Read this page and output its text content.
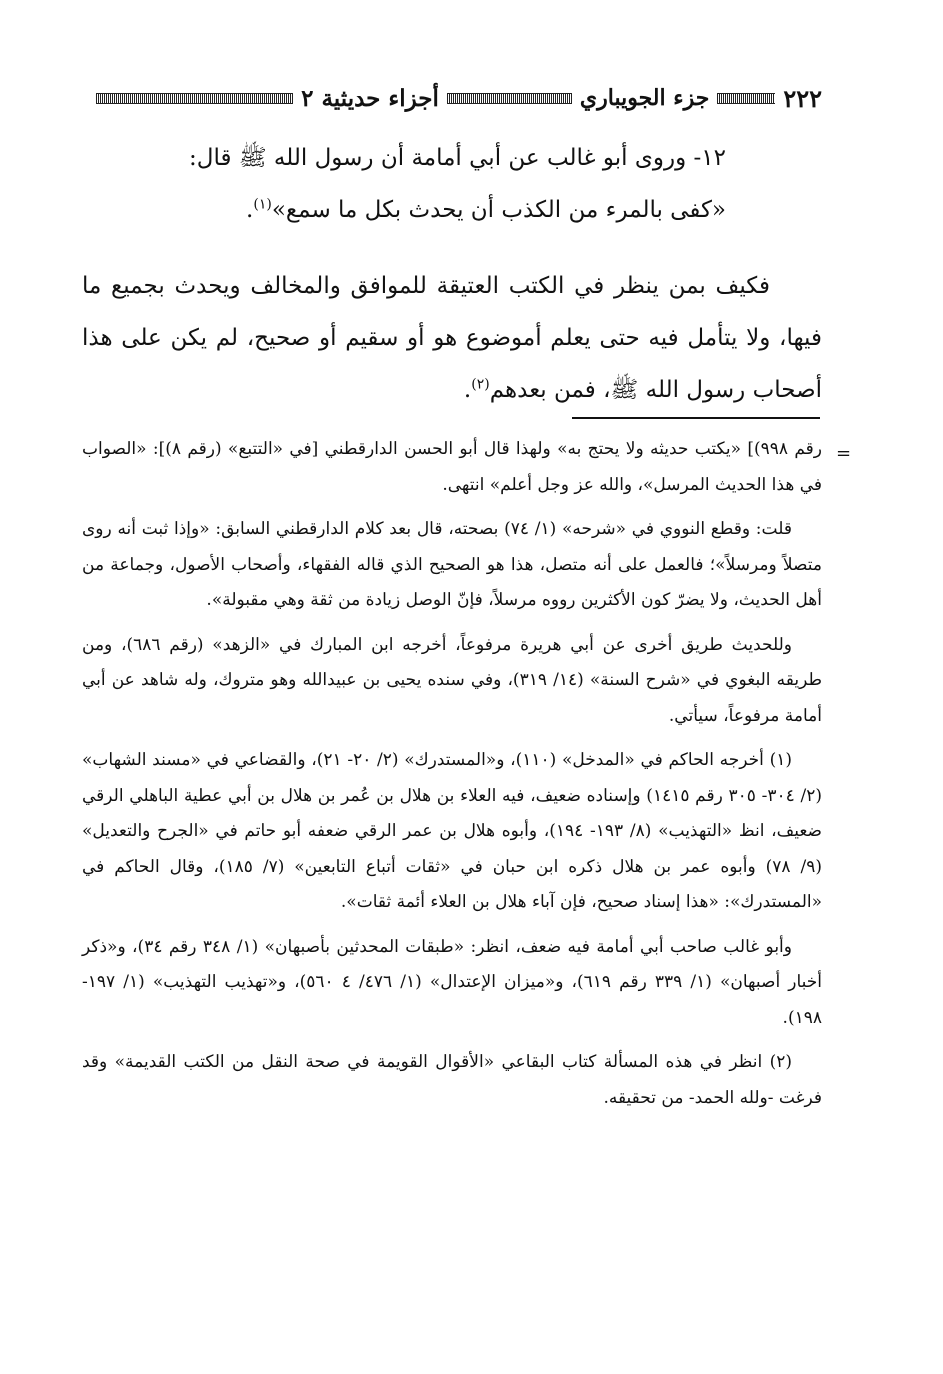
٢٢٢
جزء الجويباري
أجزاء حديثية ٢

١٢- وروى أبو غالب عن أبي أمامة أن رسول الله ﷺ قال:

«كفى بالمرء من الكذب أن يحدث بكل ما سمع»$^{(١)}$.

فكيف بمن ينظر في الكتب العتيقة للموافق والمخالف ويحدث بجميع ما فيها، ولا يتأمل فيه حتى يعلم أموضوع هو أو سقيم أو صحيح، لم يكن على هذا أصحاب رسول الله ﷺ، فمن بعدهم$^{(٢)}$.

=

رقم ٩٩٨)] «يكتب حديثه ولا يحتج به» ولهذا قال أبو الحسن الدارقطني [في «التتبع» (رقم ٨)]: «الصواب في هذا الحديث المرسل»، والله عز وجل أعلم» انتهى.

قلت: وقطع النووي في «شرحه» (١/ ٧٤) بصحته، قال بعد كلام الدارقطني السابق: «وإذا ثبت أنه روى متصلاً ومرسلاً»؛ فالعمل على أنه متصل، هذا هو الصحيح الذي قاله الفقهاء، وأصحاب الأصول، وجماعة من أهل الحديث، ولا يضرّ كون الأكثرين رووه مرسلاً، فإنّ الوصل زيادة من ثقة وهي مقبولة».

وللحديث طريق أخرى عن أبي هريرة مرفوعاً، أخرجه ابن المبارك في «الزهد» (رقم ٦٨٦)، ومن طريقه البغوي في «شرح السنة» (١٤/ ٣١٩)، وفي سنده يحيى بن عبيدالله وهو متروك، وله شاهد عن أبي أمامة مرفوعاً، سيأتي.

(١) أخرجه الحاكم في «المدخل» (١١٠)، و«المستدرك» (٢/ ٢٠- ٢١)، والقضاعي في «مسند الشهاب» (٢/ ٣٠٤- ٣٠٥ رقم ١٤١٥) وإسناده ضعيف، فيه العلاء بن هلال بن عُمر بن هلال بن أبي عطية الباهلي الرقي ضعيف، انظ «التهذيب» (٨/ ١٩٣- ١٩٤)، وأبوه هلال بن عمر الرقي ضعفه أبو حاتم في «الجرح والتعديل» (٩/ ٧٨) وأبوه عمر بن هلال ذكره ابن حبان في «ثقات أتباع التابعين» (٧/ ١٨٥)، وقال الحاكم في «المستدرك»: «هذا إسناد صحيح، فإن آباء هلال بن العلاء أئمة ثقات».

وأبو غالب صاحب أبي أمامة فيه ضعف، انظر: «طبقات المحدثين بأصبهان» (١/ ٣٤٨ رقم ٣٤)، و«ذكر أخبار أصبهان» (١/ ٣٣٩ رقم ٦١٩)، و«ميزان الإعتدال» (١/ ٤٧٦/ ٤ ٥٦٠)، و«تهذيب التهذيب» (١/ ١٩٧- ١٩٨).

(٢) انظر في هذه المسألة كتاب البقاعي «الأقوال القويمة في صحة النقل من الكتب القديمة» وقد فرغت -ولله الحمد- من تحقيقه.
